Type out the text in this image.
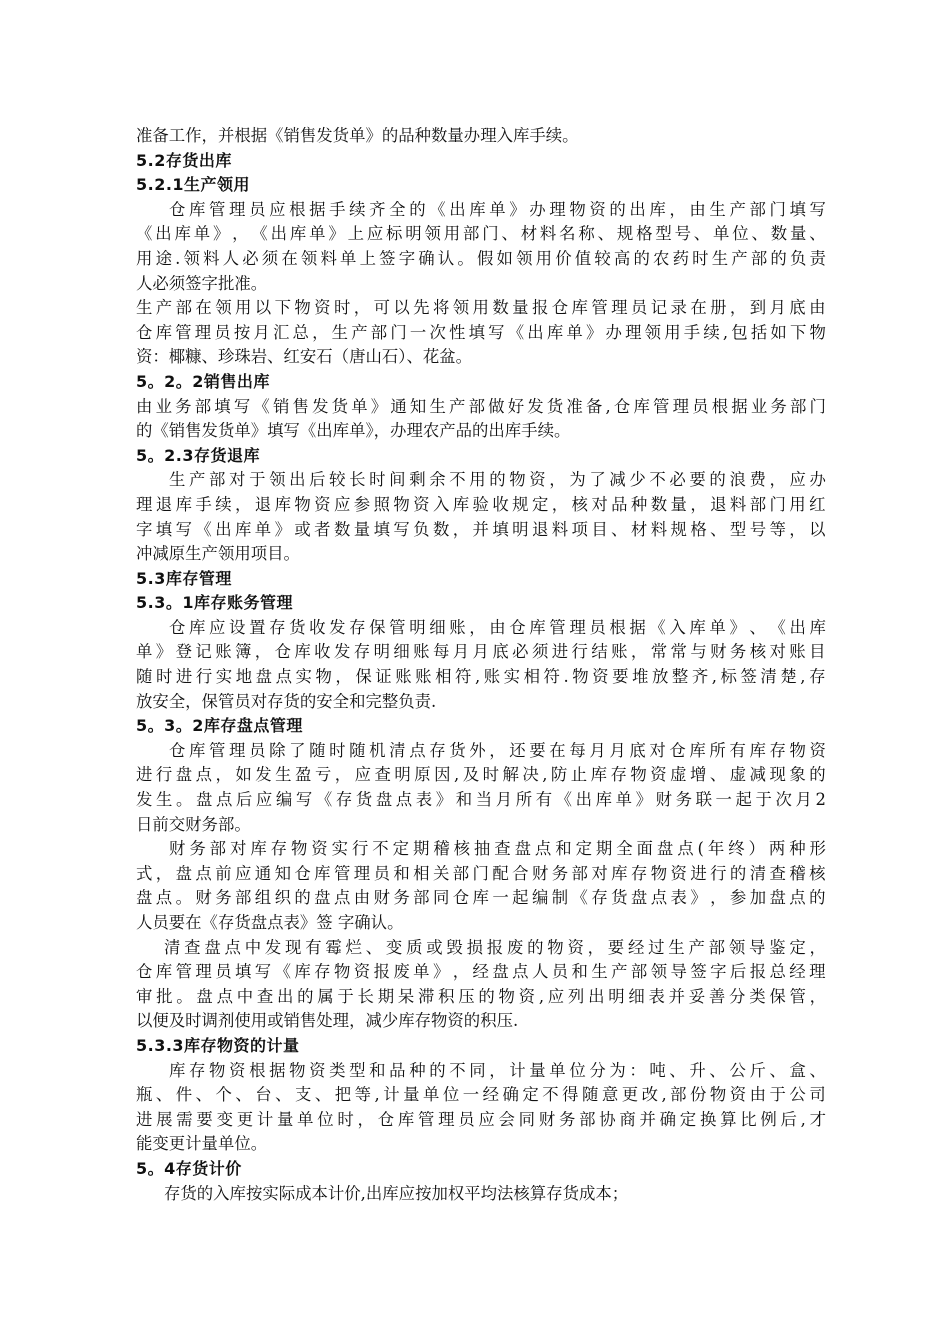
准备工作，并根据《销售发货单》的品种数量办理入库手续。
5.2存货出库
5.2.1生产领用
仓 库 管 理 员 应 根 据 手 续 齐 全 的 《 出 库 单 》 办 理 物 资 的 出 库 ， 由 生 产 部 门 填 写
《 出 库 单 》 ， 《 出 库 单 》 上 应 标 明 领 用 部 门 、 材 料 名 称 、 规 格 型 号 、 单 位 、 数 量 、
用 途 . 领 料 人 必 须 在 领 料 单 上 签 字 确 认 。 假 如 领 用 价 值 较 高 的 农 药 时 生 产 部 的 负 责
人必须签字批准。
生 产 部 在 领 用 以 下 物 资 时 ， 可 以 先 将 领 用 数 量 报 仓 库 管 理 员 记 录 在 册 ， 到 月 底 由
仓 库 管 理 员 按 月 汇 总 ， 生 产 部 门 一 次 性 填 写 《 出 库 单 》 办 理 领 用 手 续 , 包 括 如 下 物
资：椰糠、珍珠岩、红安石（唐山石）、花盆。
5。2。2销售出库
由 业 务 部 填 写 《 销 售 发 货 单 》 通 知 生 产 部 做 好 发 货 准 备 , 仓 库 管 理 员 根 据 业 务 部 门
的《销售发货单》填写《出库单》，办理农产品的出库手续。
5。2.3存货退库
生 产 部 对 于 领 出 后 较 长 时 间 剩 余 不 用 的 物 资 ， 为 了 减 少 不 必 要 的 浪 费 ， 应 办
理 退 库 手 续 ， 退 库 物 资 应 参 照 物 资 入 库 验 收 规 定 ， 核 对 品 种 数 量 ， 退 料 部 门 用 红
字 填 写 《 出 库 单 》 或 者 数 量 填 写 负 数 ， 并 填 明 退 料 项 目 、 材 料 规 格 、 型 号 等 ， 以
冲减原生产领用项目。
5.3库存管理
5.3。1库存账务管理
仓 库 应 设 置 存 货 收 发 存 保 管 明 细 账 ， 由 仓 库 管 理 员 根 据 《 入 库 单 》 、 《 出 库
单 》 登 记 账 簿 ， 仓 库 收 发 存 明 细 账 每 月 月 底 必 须 进 行 结 账 ， 常 常 与 财 务 核 对 账 目
随 时 进 行 实 地 盘 点 实 物 ， 保 证 账 账 相 符 , 账 实 相 符 . 物 资 要 堆 放 整 齐 , 标 签 清 楚 , 存
放安全，保管员对存货的安全和完整负责.
5。3。2库存盘点管理
仓 库 管 理 员 除 了 随 时 随 机 清 点 存 货 外 ， 还 要 在 每 月 月 底 对 仓 库 所 有 库 存 物 资
进 行 盘 点 ， 如 发 生 盈 亏 ， 应 查 明 原 因 , 及 时 解 决 , 防 止 库 存 物 资 虚 增 、 虚 减 现 象 的
发 生 。 盘 点 后 应 编 写 《 存 货 盘 点 表 》 和 当 月 所 有 《 出 库 单 》 财 务 联 一 起 于 次 月 2
日前交财务部。
财 务 部 对 库 存 物 资 实 行 不 定 期 稽 核 抽 查 盘 点 和 定 期 全 面 盘 点 ( 年 终 ） 两 种 形
式 ， 盘 点 前 应 通 知 仓 库 管 理 员 和 相 关 部 门 配 合 财 务 部 对 库 存 物 资 进 行 的 清 查 稽 核
盘 点 。 财 务 部 组 织 的 盘 点 由 财 务 部 同 仓 库 一 起 编 制 《 存 货 盘 点 表 》 ， 参 加 盘 点 的
人员要在《存货盘点表》签 字确认。
清 查 盘 点 中 发 现 有 霉 烂 、 变 质 或 毁 损 报 废 的 物 资 ， 要 经 过 生 产 部 领 导 鉴 定 ，
仓 库 管 理 员 填 写 《 库 存 物 资 报 废 单 》 ， 经 盘 点 人 员 和 生 产 部 领 导 签 字 后 报 总 经 理
审 批 。 盘 点 中 查 出 的 属 于 长 期 呆 滞 积 压 的 物 资 , 应 列 出 明 细 表 并 妥 善 分 类 保 管 ，
以便及时调剂使用或销售处理，减少库存物资的积压.
5.3.3库存物资的计量
库 存 物 资 根 据 物 资 类 型 和 品 种 的 不 同 ， 计 量 单 位 分 为 ： 吨 、 升 、 公 斤 、 盒 、
瓶 、 件 、 个 、 台 、 支 、 把 等 , 计 量 单 位 一 经 确 定 不 得 随 意 更 改 , 部 份 物 资 由 于 公 司
进 展 需 要 变 更 计 量 单 位 时 ， 仓 库 管 理 员 应 会 同 财 务 部 协 商 并 确 定 换 算 比 例 后 , 才
能变更计量单位。
5。4存货计价
存货的入库按实际成本计价,出库应按加权平均法核算存货成本；
